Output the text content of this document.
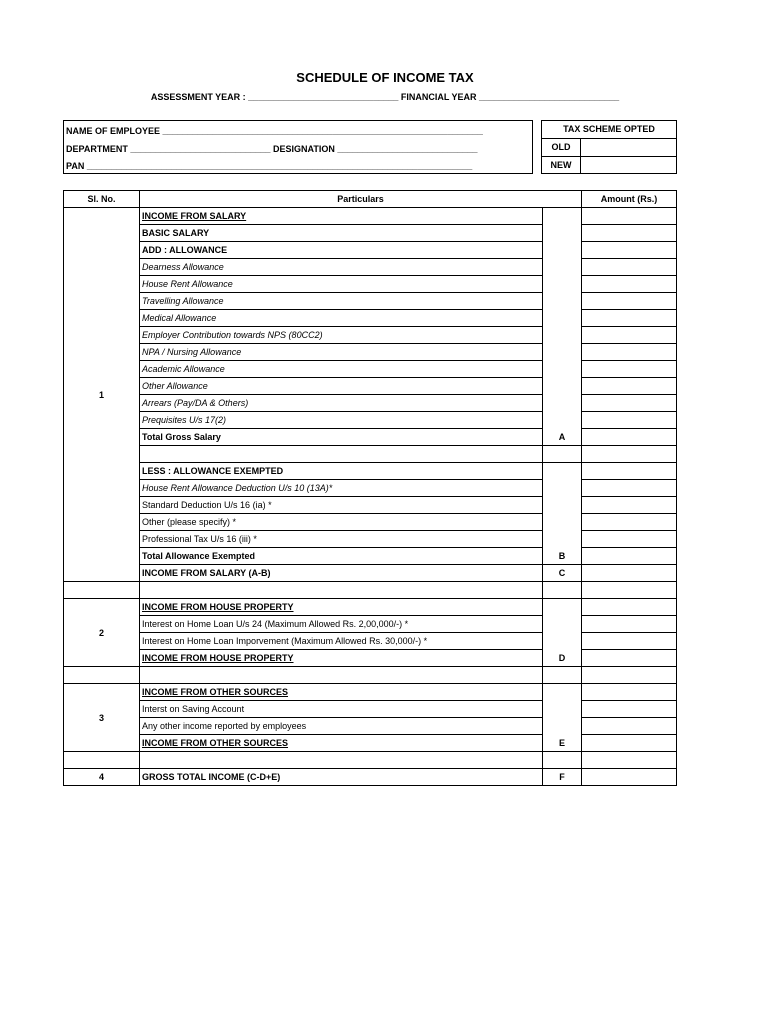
SCHEDULE OF INCOME TAX
ASSESSMENT YEAR : ______________________________ FINANCIAL YEAR ____________________________
NAME OF EMPLOYEE ________________________________________________________________
DEPARTMENT ____________________________ DESIGNATION ____________________________
PAN _____________________________________________________________________________
TAX SCHEME OPTED
OLD
NEW
Sl. No.	Particulars		Amount (Rs.)
1	INCOME FROM SALARY		
	BASIC SALARY		
	ADD : ALLOWANCE		
	Dearness Allowance		
	House Rent Allowance		
	Travelling Allowance		
	Medical Allowance		
	Employer Contribution towards NPS (80CC2)		
	NPA / Nursing Allowance		
	Academic Allowance		
	Other Allowance		
	Arrears (Pay/DA & Others)		
	Prequisites U/s 17(2)		
	Total Gross Salary	A	

	LESS : ALLOWANCE EXEMPTED		
	House Rent Allowance Deduction U/s 10 (13A)*		
	Standard Deduction U/s 16 (ia) *		
	Other (please specify) *		
	Professional Tax U/s 16 (iii) *		
	Total Allowance Exempted	B	
	INCOME FROM SALARY (A-B)	C	

2	INCOME FROM HOUSE PROPERTY		
	Interest on Home Loan U/s 24 (Maximum Allowed Rs. 2,00,000/-) *		
	Interest on Home Loan Imporvement (Maximum Allowed Rs. 30,000/-) *		
	INCOME FROM HOUSE PROPERTY	D	

3	INCOME FROM OTHER SOURCES		
	Interst on Saving Account		
	Any other income reported by employees		
	INCOME FROM OTHER SOURCES	E	

4	GROSS TOTAL INCOME (C-D+E)	F	
